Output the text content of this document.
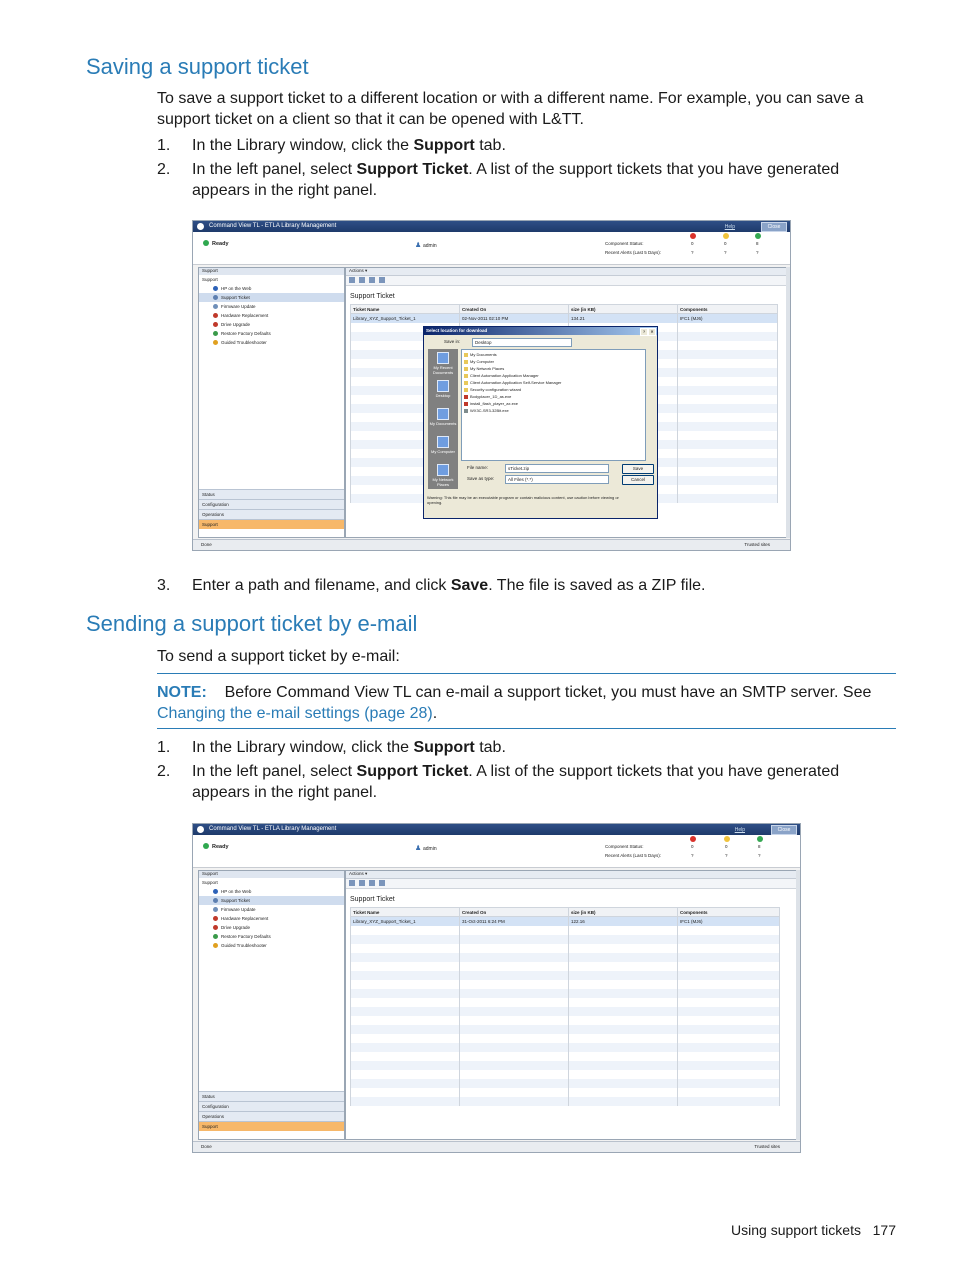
Saving a support ticket

To save a support ticket to a different location or with a different name. For example, you can save a support ticket on a client so that it can be opened with L&TT.

1. In the Library window, click the Support tab.
2. In the left panel, select Support Ticket. A list of the support tickets that you have generated appears in the right panel.
Command View TL - ETLA Library Management	Help	Close
Ready	♟ admin	Component Status:
Recent Alerts (Last 5 Days):
0	0	8
?	?	?
Support
Support
HP on the Web
Support Ticket
Firmware Update
Hardware Replacement
Drive Upgrade
Restore Factory Defaults
Guided Troubleshooter
Status
Configuration
Operations
Support
Actions ▾
Support Ticket
Ticket Name	Created On	size (in KB)	Components
Library_XYZ_Support_Ticket_1	02-Nov-2011 02:10 PM	134.21	IFC1 (MJ6)

Select location for download	?	✕
Save in:	Desktop
My Recent Documents
Desktop
My Documents
My Computer
My Network Places
My Documents
My Computer
My Network Places
Client Automation Application Manager
Client Automation Application Self-Service Manager
Security configuration wizard
Bodyplacer_1D_as.exe
install_flash_player_ax.exe
WX3C-SR3-32Bit.exe
File name:	sTicket.zip
Save as type:	All Files (*.*)
Save
Cancel
Warning: This file may be an executable program or contain malicious content, use caution before viewing or opening.
Done	Trusted sites
3. Enter a path and filename, and click Save. The file is saved as a ZIP file.
Sending a support ticket by e-mail

To send a support ticket by e-mail:

NOTE: Before Command View TL can e-mail a support ticket, you must have an SMTP server. See Changing the e-mail settings (page 28).

1. In the Library window, click the Support tab.
2. In the left panel, select Support Ticket. A list of the support tickets that you have generated appears in the right panel.
Command View TL - ETLA Library Management	Help	Close
Ready	♟ admin	Component Status:
Recent Alerts (Last 5 Days):
0	0	8
?	?	?
Support
Support
HP on the Web
Support Ticket
Firmware Update
Hardware Replacement
Drive Upgrade
Restore Factory Defaults
Guided Troubleshooter
Status
Configuration
Operations
Support
Actions ▾
Support Ticket
Ticket Name	Created On	size (in KB)	Components
Library_XYZ_Support_Ticket_1	31-Oct-2011 6:24 PM	122.16	IFC1 (MJ6)

Done	Trusted sites
Using support tickets 177
